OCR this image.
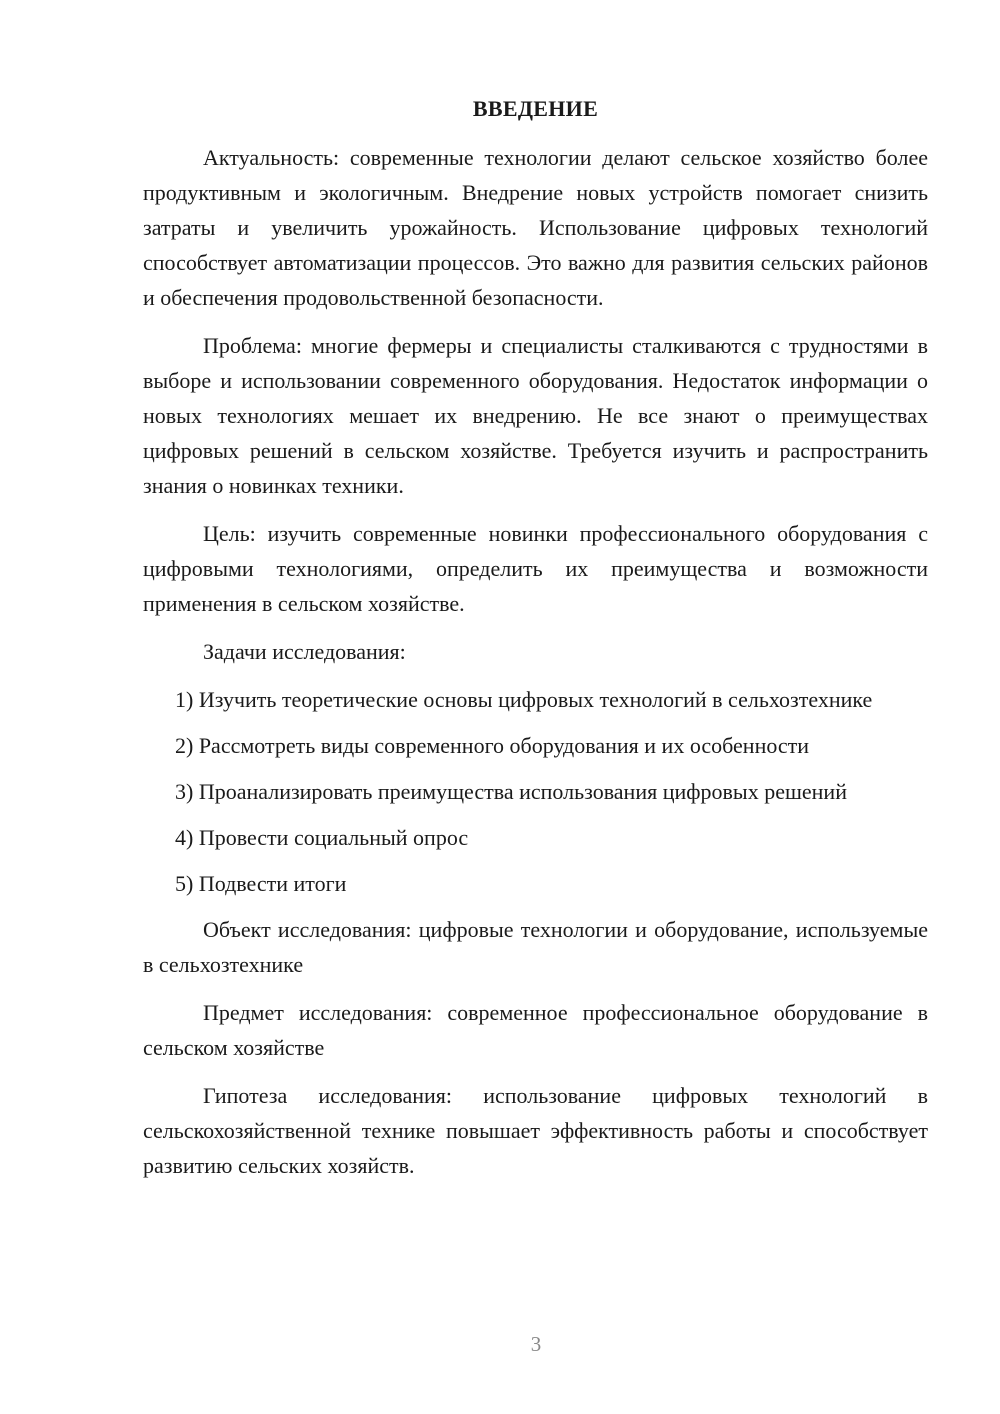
ВВЕДЕНИЕ

Актуальность: современные технологии делают сельское хозяйство более продуктивным и экологичным. Внедрение новых устройств помогает снизить затраты и увеличить урожайность. Использование цифровых технологий способствует автоматизации процессов. Это важно для развития сельских районов и обеспечения продовольственной безопасности.

Проблема: многие фермеры и специалисты сталкиваются с трудностями в выборе и использовании современного оборудования. Недостаток информации о новых технологиях мешает их внедрению. Не все знают о преимуществах цифровых решений в сельском хозяйстве. Требуется изучить и распространить знания о новинках техники.

Цель: изучить современные новинки профессионального оборудования с цифровыми технологиями, определить их преимущества и возможности применения в сельском хозяйстве.

Задачи исследования:

1) Изучить теоретические основы цифровых технологий в сельхозтехнике

2) Рассмотреть виды современного оборудования и их особенности

3) Проанализировать преимущества использования цифровых решений

4) Провести социальный опрос

5) Подвести итоги

Объект исследования: цифровые технологии и оборудование, используемые в сельхозтехнике

Предмет исследования: современное профессиональное оборудование в сельском хозяйстве

Гипотеза исследования: использование цифровых технологий в сельскохозяйственной технике повышает эффективность работы и способствует развитию сельских хозяйств.

3
